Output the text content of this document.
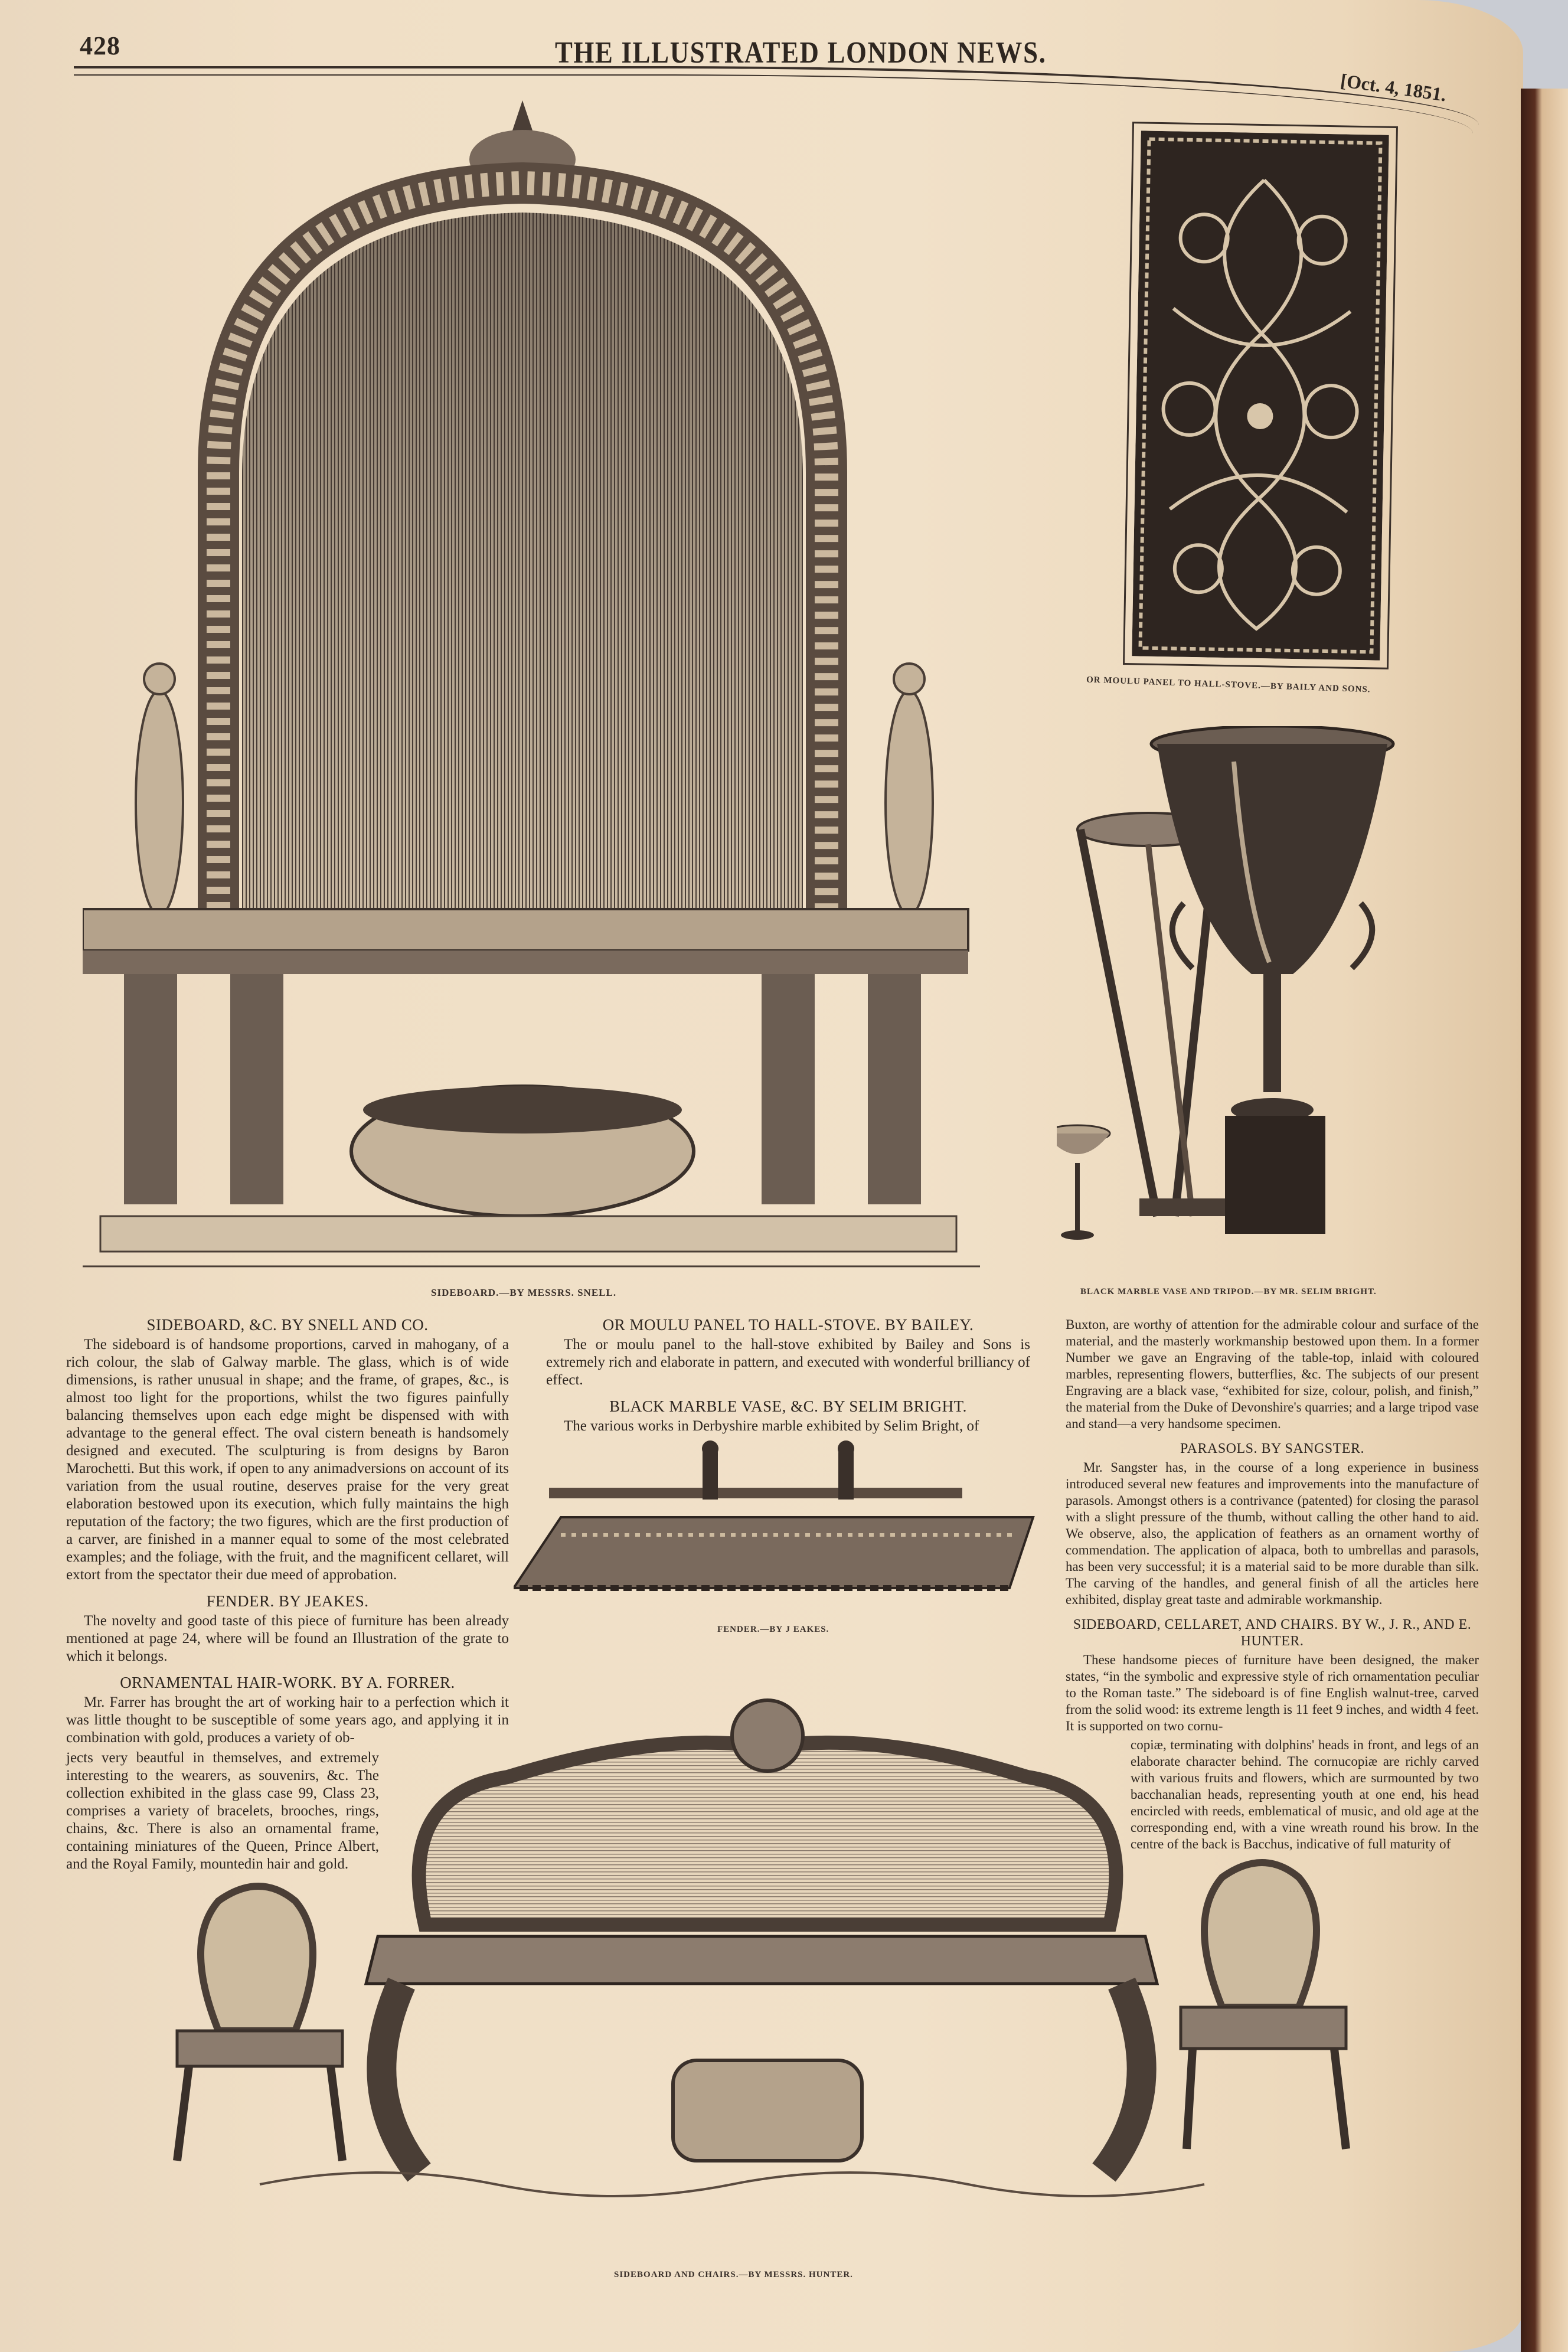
428	THE ILLUSTRATED LONDON NEWS.
[Oct. 4, 1851.
SIDEBOARD.—BY MESSRS. SNELL.
OR MOULU PANEL TO HALL-STOVE.—BY BAILY AND SONS.
BLACK MARBLE VASE AND TRIPOD.—BY MR. SELIM BRIGHT.
FENDER.—BY J EAKES.
SIDEBOARD AND CHAIRS.—BY MESSRS. HUNTER.
SIDEBOARD, &C. BY SNELL AND CO.

The sideboard is of handsome proportions, carved in mahogany, of a rich colour, the slab of Galway marble. The glass, which is of wide dimensions, is rather unusual in shape; and the frame, of grapes, &c., is almost too light for the proportions, whilst the two figures painfully balancing themselves upon each edge might be dispensed with with advantage to the general effect. The oval cistern beneath is handsomely designed and executed. The sculpturing is from designs by Baron Marochetti. But this work, if open to any animadversions on account of its variation from the usual routine, deserves praise for the very great elaboration bestowed upon its execution, which fully maintains the high reputation of the factory; the two figures, which are the first production of a carver, are finished in a manner equal to some of the most celebrated examples; and the foliage, with the fruit, and the magnificent cellaret, will extort from the spectator their due meed of approbation.

FENDER. BY JEAKES.

The novelty and good taste of this piece of furniture has been already mentioned at page 24, where will be found an Illustration of the grate to which it belongs.

ORNAMENTAL HAIR-WORK. BY A. FORRER.

Mr. Farrer has brought the art of working hair to a perfection which it was little thought to be susceptible of some years ago, and applying it in combination with gold, produces a variety of ob-

jects very beautful in themselves, and extremely interesting to the wearers, as souvenirs, &c. The collection exhibited in the glass case 99, Class 23, comprises a variety of bracelets, brooches, rings, chains, &c. There is also an ornamental frame, containing miniatures of the Queen, Prince Albert, and the Royal Family, mountedin hair and gold.

OR MOULU PANEL TO HALL-STOVE. BY BAILEY.

The or moulu panel to the hall-stove exhibited by Bailey and Sons is extremely rich and elaborate in pattern, and executed with wonderful brilliancy of effect.

BLACK MARBLE VASE, &C. BY SELIM BRIGHT.

The various works in Derbyshire marble exhibited by Selim Bright, of

Buxton, are worthy of attention for the admirable colour and surface of the material, and the masterly workmanship bestowed upon them. In a former Number we gave an Engraving of the table-top, inlaid with coloured marbles, representing flowers, butterflies, &c. The subjects of our present Engraving are a black vase, “exhibited for size, colour, polish, and finish,” the material from the Duke of Devonshire's quarries; and a large tripod vase and stand—a very handsome specimen.

PARASOLS. BY SANGSTER.

Mr. Sangster has, in the course of a long experience in business introduced several new features and improvements into the manufacture of parasols. Amongst others is a contrivance (patented) for closing the parasol with a slight pressure of the thumb, without calling the other hand to aid. We observe, also, the application of feathers as an ornament worthy of commendation. The application of alpaca, both to umbrellas and parasols, has been very successful; it is a material said to be more durable than silk. The carving of the handles, and general finish of all the articles here exhibited, display great taste and admirable workmanship.

SIDEBOARD, CELLARET, AND CHAIRS. BY W., J. R., AND E. HUNTER.

These handsome pieces of furniture have been designed, the maker states, “in the symbolic and expressive style of rich ornamentation peculiar to the Roman taste.” The sideboard is of fine English walnut-tree, carved from the solid wood: its extreme length is 11 feet 9 inches, and width 4 feet. It is supported on two cornu-

copiæ, terminating with dolphins' heads in front, and legs of an elaborate character behind. The cornucopiæ are richly carved with various fruits and flowers, which are surmounted by two bacchanalian heads, representing youth at one end, his head encircled with reeds, emblematical of music, and old age at the corresponding end, with a vine wreath round his brow. In the centre of the back is Bacchus, indicative of full maturity of
